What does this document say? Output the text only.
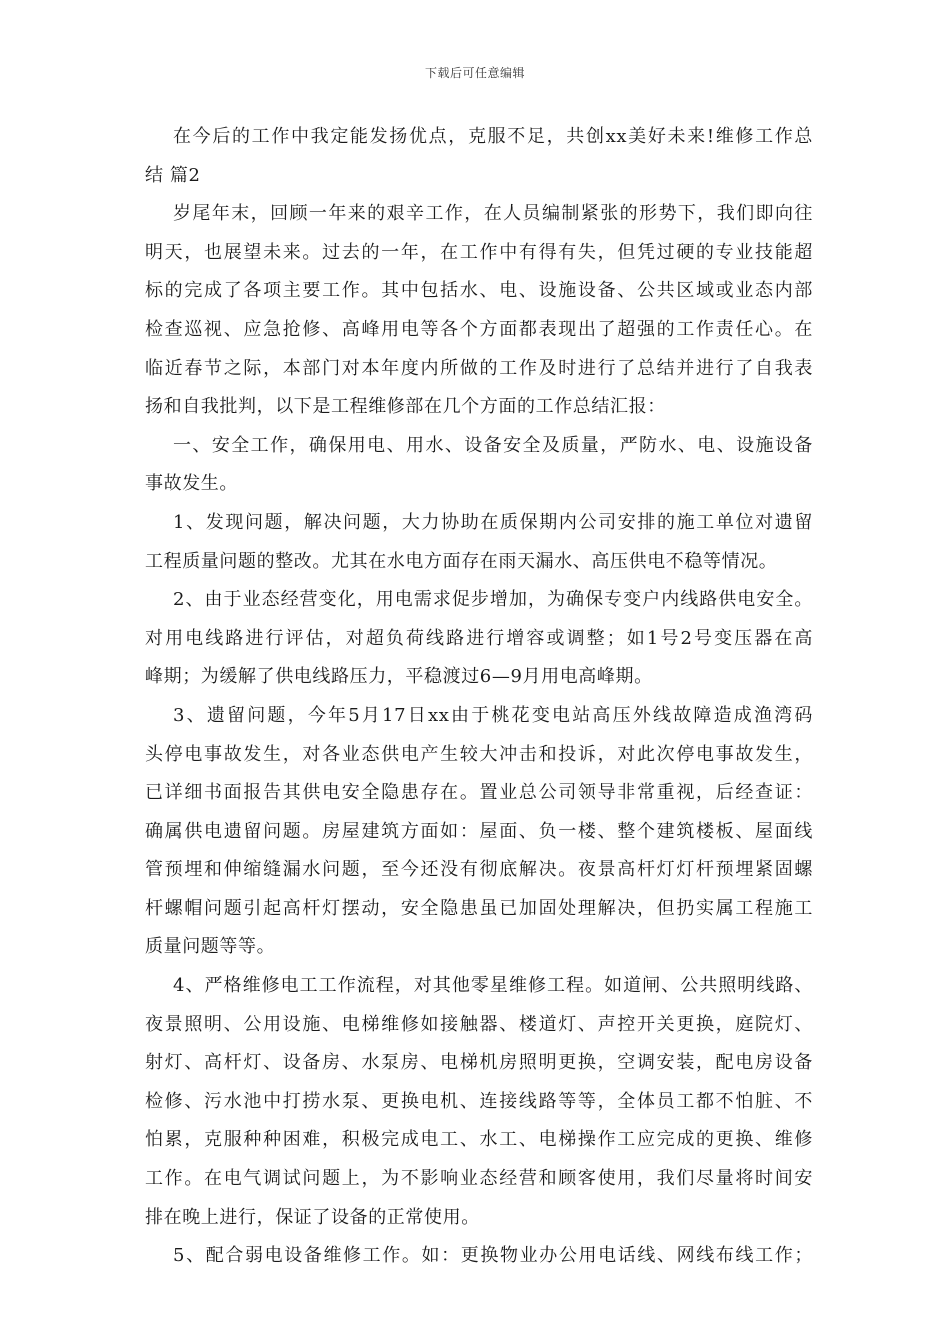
下载后可任意编辑
在今后的工作中我定能发扬优点，克服不足，共创xx美好未来!维修工作总
结 篇2
岁尾年末，回顾一年来的艰辛工作，在人员编制紧张的形势下，我们即向往
明天，也展望未来。过去的一年，在工作中有得有失，但凭过硬的专业技能超
标的完成了各项主要工作。其中包括水、电、设施设备、公共区域或业态内部
检查巡视、应急抢修、高峰用电等各个方面都表现出了超强的工作责任心。在
临近春节之际，本部门对本年度内所做的工作及时进行了总结并进行了自我表
扬和自我批判，以下是工程维修部在几个方面的工作总结汇报：
一、安全工作，确保用电、用水、设备安全及质量，严防水、电、设施设备
事故发生。
1、发现问题，解决问题，大力协助在质保期内公司安排的施工单位对遗留
工程质量问题的整改。尤其在水电方面存在雨天漏水、高压供电不稳等情况。
2、由于业态经营变化，用电需求促步增加，为确保专变户内线路供电安全。
对用电线路进行评估，对超负荷线路进行增容或调整；如1号2号变压器在高
峰期；为缓解了供电线路压力，平稳渡过6—9月用电高峰期。
3、遗留问题，今年5月17日xx由于桃花变电站高压外线故障造成渔湾码
头停电事故发生，对各业态供电产生较大冲击和投诉，对此次停电事故发生，
已详细书面报告其供电安全隐患存在。置业总公司领导非常重视，后经查证：
确属供电遗留问题。房屋建筑方面如：屋面、负一楼、整个建筑楼板、屋面线
管预埋和伸缩缝漏水问题，至今还没有彻底解决。夜景高杆灯灯杆预埋紧固螺
杆螺帽问题引起高杆灯摆动，安全隐患虽已加固处理解决，但扔实属工程施工
质量问题等等。
4、严格维修电工工作流程，对其他零星维修工程。如道闸、公共照明线路、
夜景照明、公用设施、电梯维修如接触器、楼道灯、声控开关更换，庭院灯、
射灯、高杆灯、设备房、水泵房、电梯机房照明更换，空调安装，配电房设备
检修、污水池中打捞水泵、更换电机、连接线路等等，全体员工都不怕脏、不
怕累，克服种种困难，积极完成电工、水工、电梯操作工应完成的更换、维修
工作。在电气调试问题上，为不影响业态经营和顾客使用，我们尽量将时间安
排在晚上进行，保证了设备的正常使用。
5、配合弱电设备维修工作。如：更换物业办公用电话线、网线布线工作；
